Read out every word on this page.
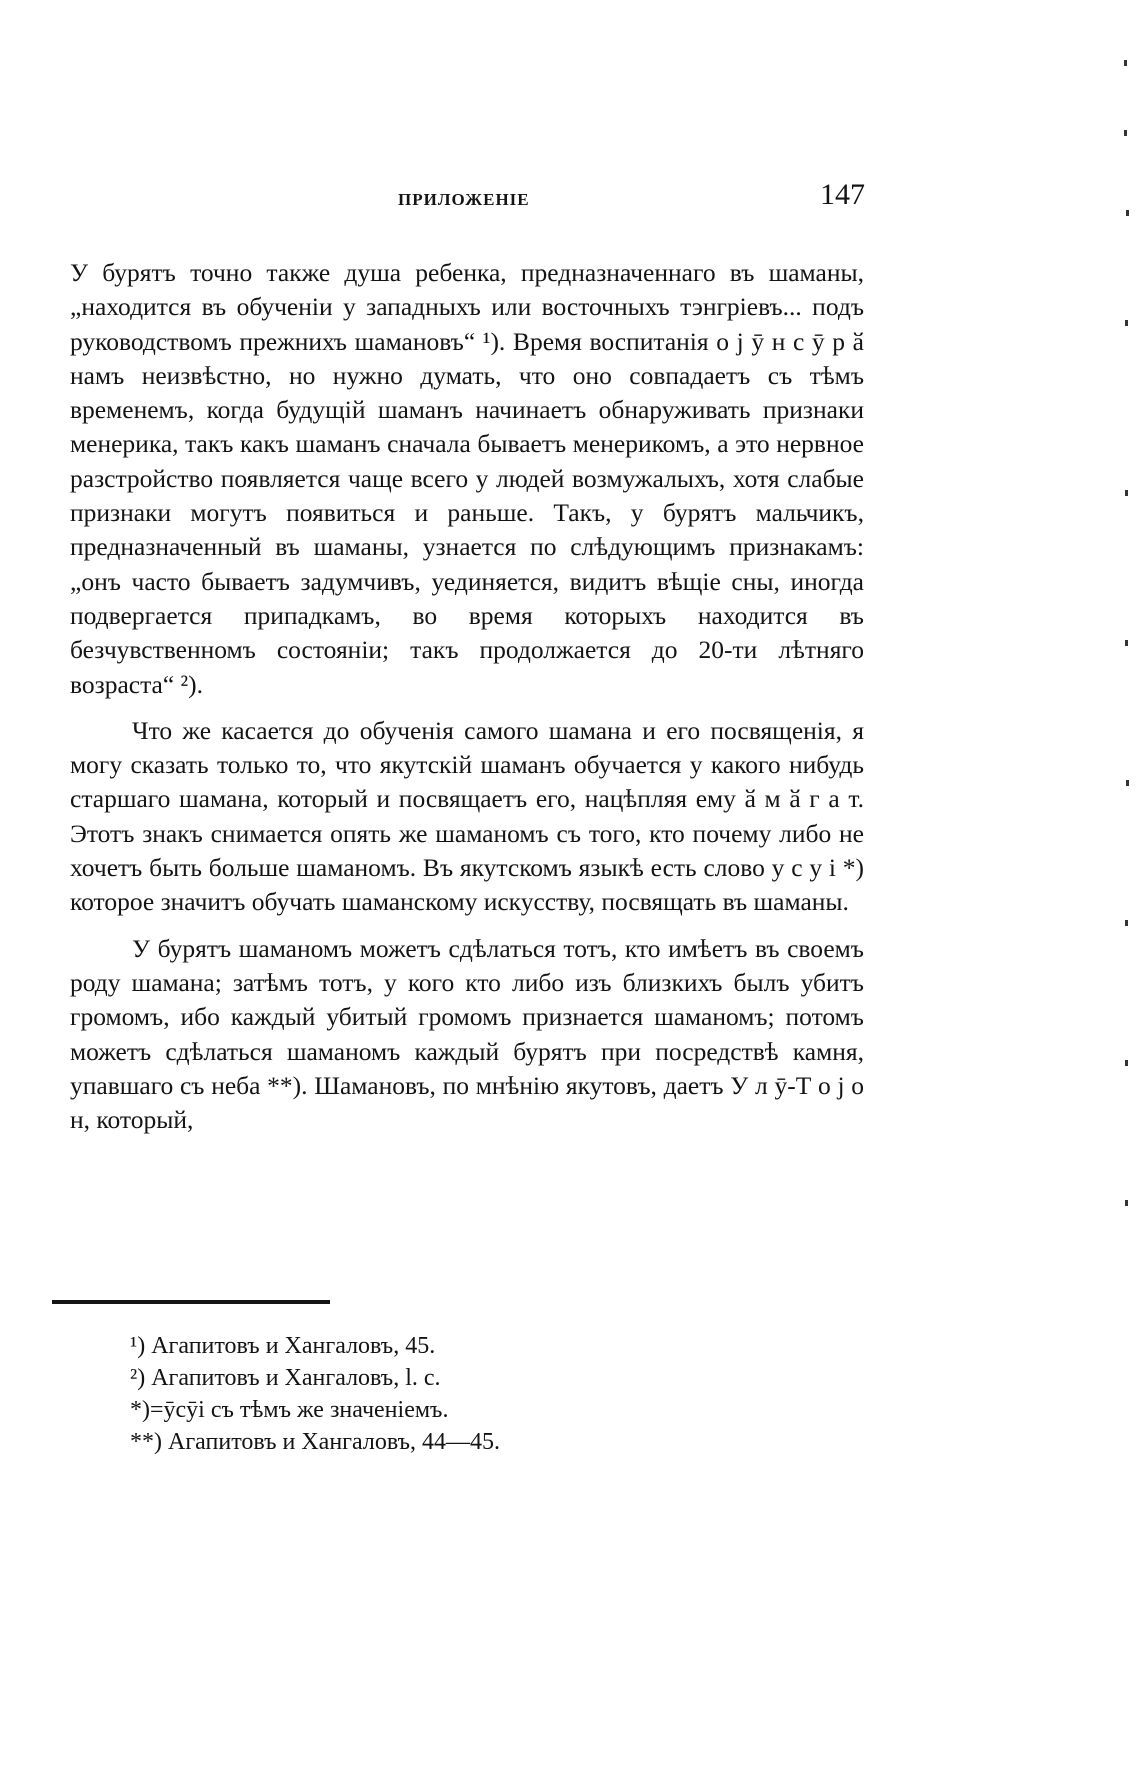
ПРИЛОЖЕНІЕ	147

У бурятъ точно также душа ребенка, предназначеннаго въ шаманы, „находится въ обученіи у западныхъ или восточныхъ тэнгріевъ... подъ руководствомъ прежнихъ шамановъ“ ¹). Время воспитанія о ј ӯ н с ӯ р ӑ намъ неизвѣстно, но нужно думать, что оно совпадаетъ съ тѣмъ временемъ, когда будущій шаманъ начинаетъ обнаруживать признаки менерика, такъ какъ шаманъ сначала бываетъ менерикомъ, а это нервное разстройство появляется чаще всего у людей возмужалыхъ, хотя слабые признаки могутъ появиться и раньше. Такъ, у бурятъ мальчикъ, предназначенный въ шаманы, узнается по слѣдующимъ признакамъ: „онъ часто бываетъ задумчивъ, уединяется, видитъ вѣщіе сны, иногда подвергается припадкамъ, во время которыхъ находится въ безчувственномъ состояніи; такъ продолжается до 20-ти лѣтняго возраста“ ²).

Что же касается до обученія самого шамана и его посвященія, я могу сказать только то, что якутскій шаманъ обучается у какого нибудь старшаго шамана, который и посвящаетъ его, нацѣпляя ему ӑ м ӑ г а т. Этотъ знакъ снимается опять же шаманомъ съ того, кто почему либо не хочетъ быть больше шаманомъ. Въ якутскомъ языкѣ есть слово у с у і *) которое значитъ обучать шаманскому искусству, посвящать въ шаманы.

У бурятъ шаманомъ можетъ сдѣлаться тотъ, кто имѣетъ въ своемъ роду шамана; затѣмъ тотъ, у кого кто либо изъ близкихъ былъ убитъ громомъ, ибо каждый убитый громомъ признается шаманомъ; потомъ можетъ сдѣлаться шаманомъ каждый бурятъ при посредствѣ камня, упавшаго съ неба **). Шамановъ, по мнѣнію якутовъ, даетъ У л ӯ-Т о ј о н, который,

¹) Агапитовъ и Хангаловъ, 45.
²) Агапитовъ и Хангаловъ, l. с.
*)=ӯсӯі съ тѣмъ же значеніемъ.
**) Агапитовъ и Хангаловъ, 44—45.
